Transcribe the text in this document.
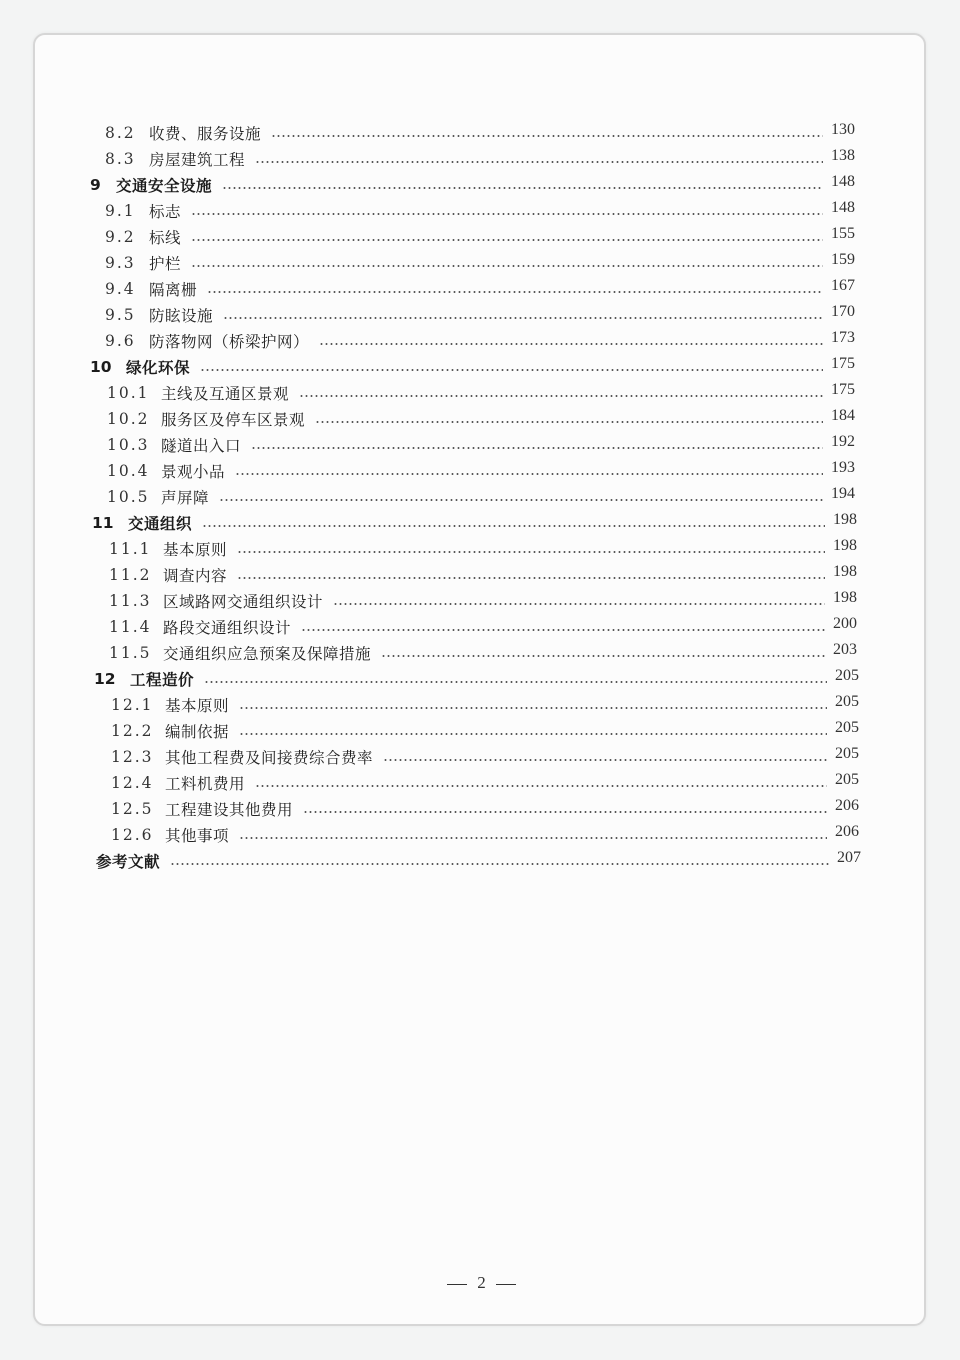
8.2 收费、服务设施	130
8.3 房屋建筑工程	138
9 交通安全设施	148
9.1 标志	148
9.2 标线	155
9.3 护栏	159
9.4 隔离栅	167
9.5 防眩设施	170
9.6 防落物网（桥梁护网）	173
10 绿化环保	175
10.1 主线及互通区景观	175
10.2 服务区及停车区景观	184
10.3 隧道出入口	192
10.4 景观小品	193
10.5 声屏障	194
11 交通组织	198
11.1 基本原则	198
11.2 调查内容	198
11.3 区域路网交通组织设计	198
11.4 路段交通组织设计	200
11.5 交通组织应急预案及保障措施	203
12 工程造价	205
12.1 基本原则	205
12.2 编制依据	205
12.3 其他工程费及间接费综合费率	205
12.4 工料机费用	205
12.5 工程建设其他费用	206
12.6 其他事项	206
参考文献	207
2
